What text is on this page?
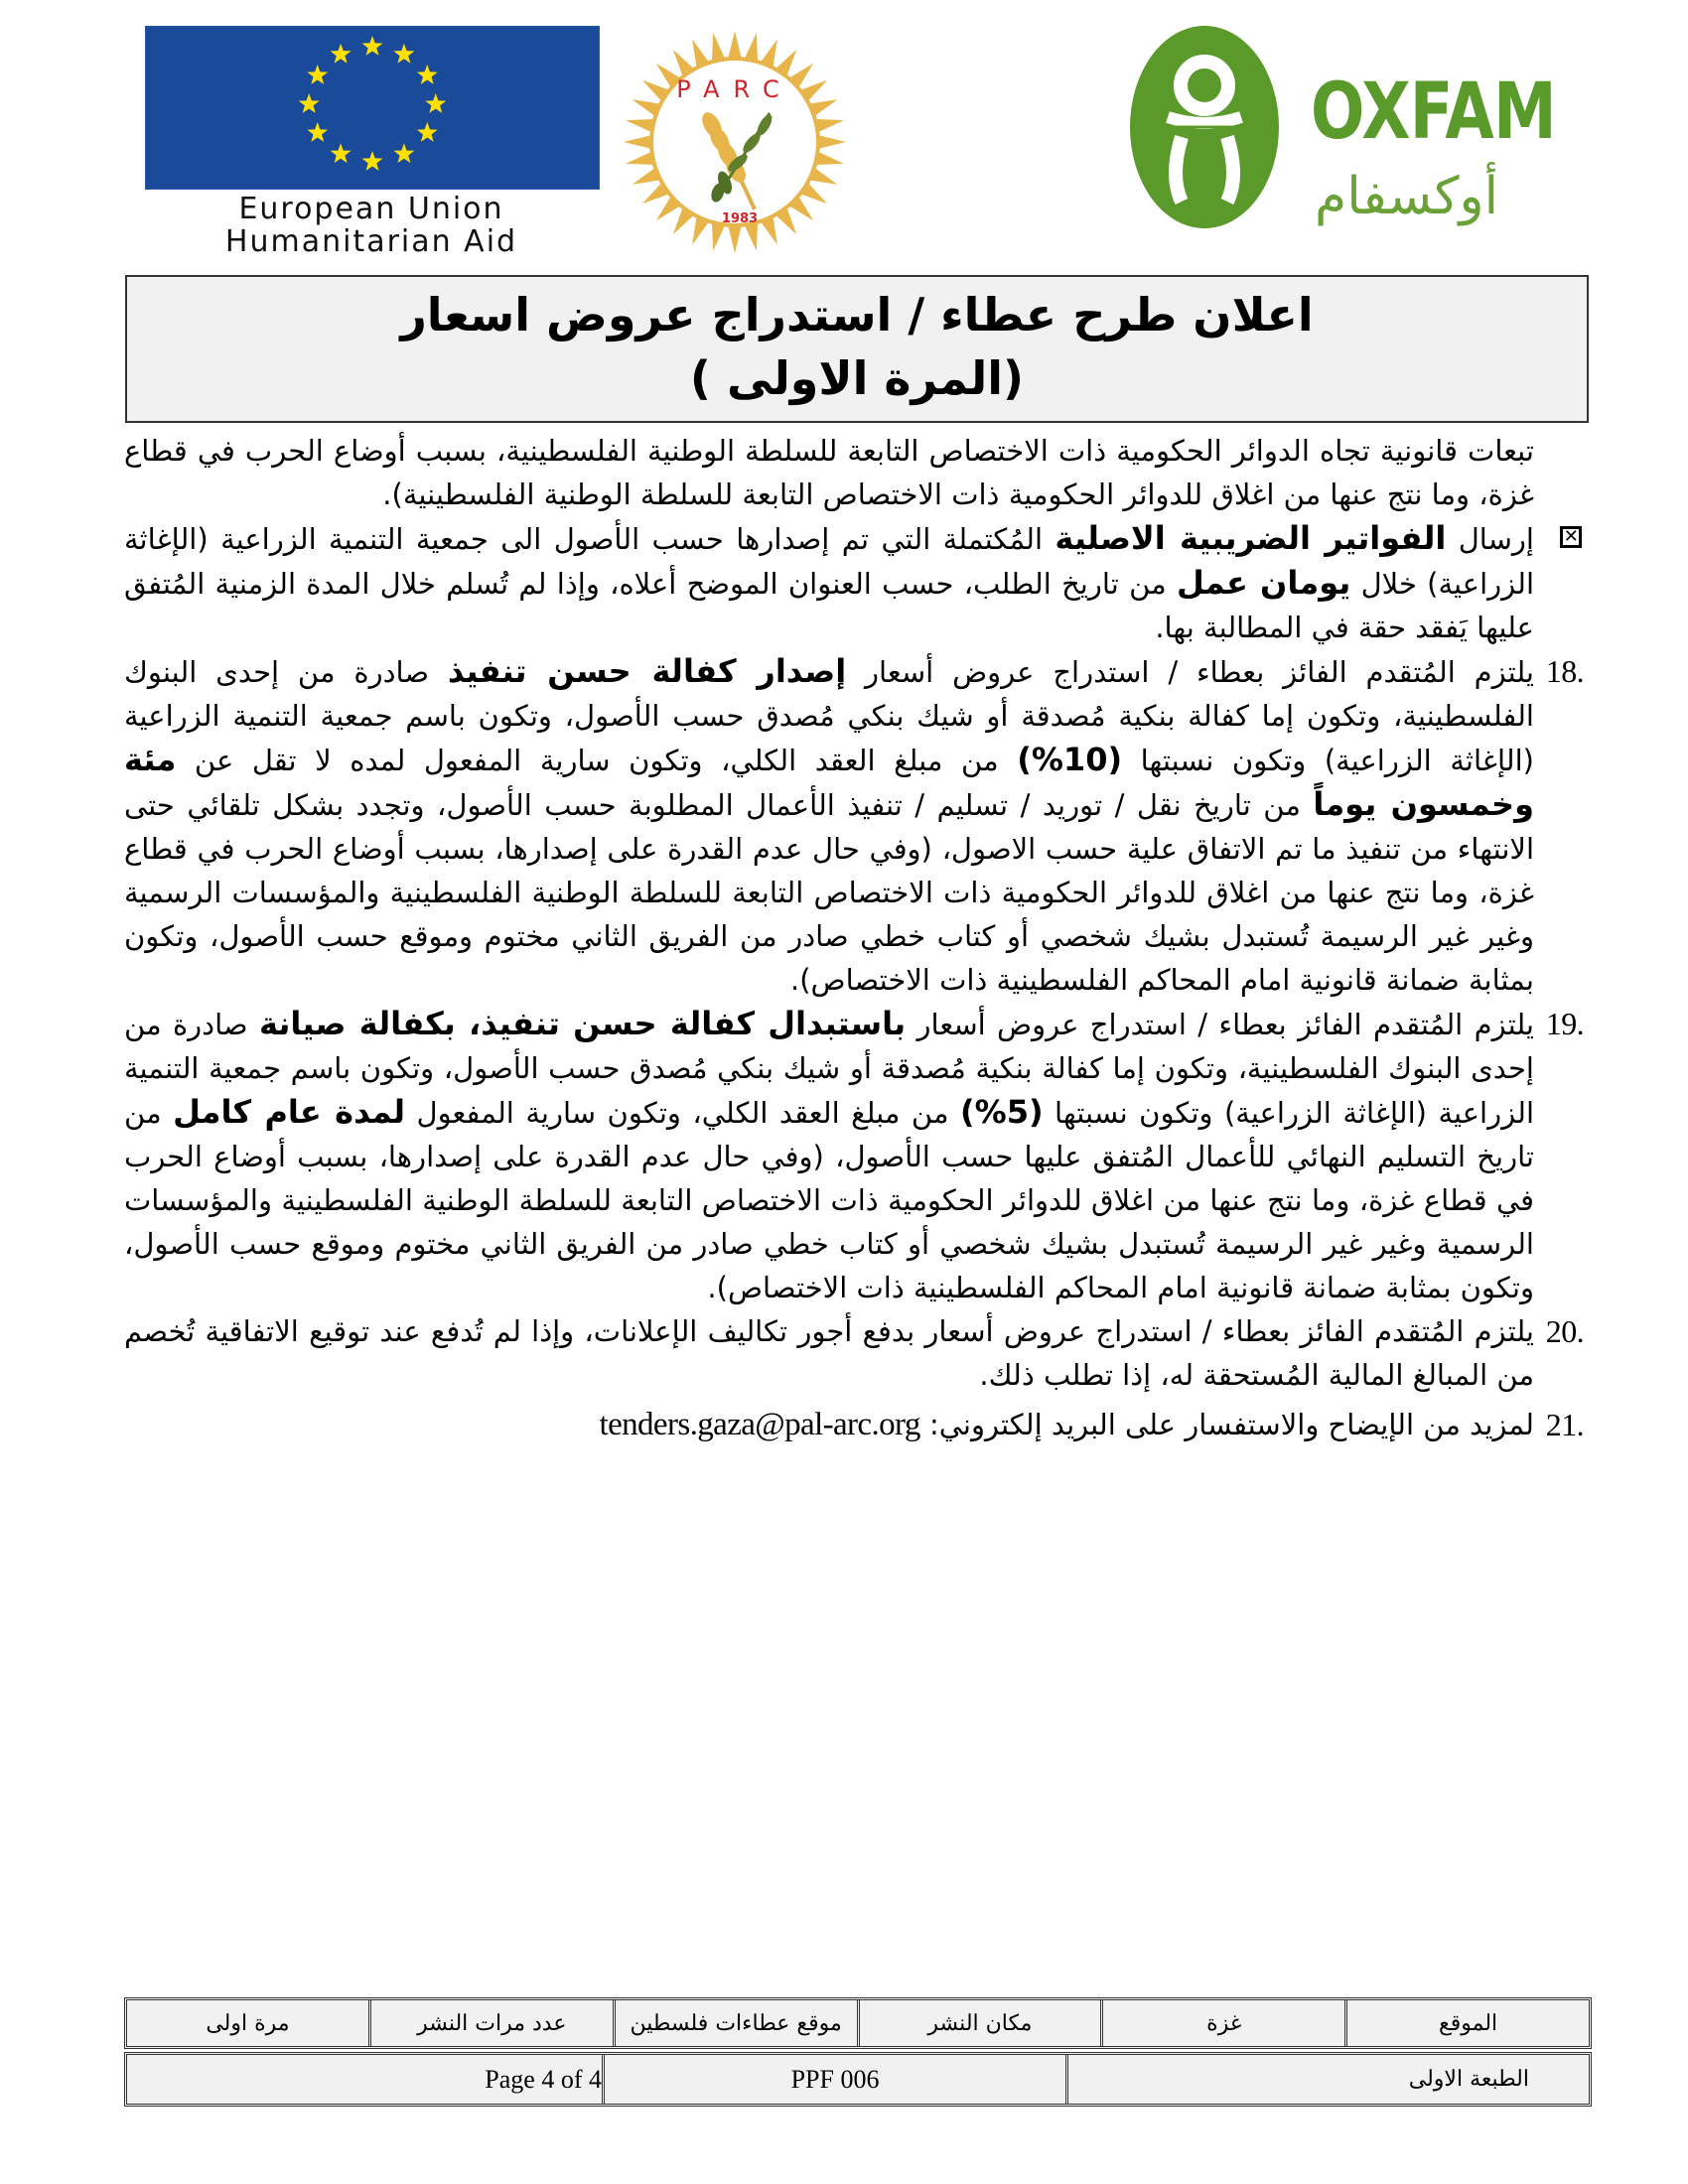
European Union
Humanitarian Aid
PARC
1983
OXFAM
أوكسفام
اعلان طرح عطاء / استدراج عروض اسعار
(المرة الاولى )

تبعات قانونية تجاه الدوائر الحكومية ذات الاختصاص التابعة للسلطة الوطنية الفلسطينية، بسبب أوضاع الحرب في قطاع غزة، وما نتج عنها من اغلاق للدوائر الحكومية ذات الاختصاص التابعة للسلطة الوطنية الفلسطينية).

✕
إرسال الفواتير الضريبية الاصلية المُكتملة التي تم إصدارها حسب الأصول الى جمعية التنمية الزراعية (الإغاثة الزراعية) خلال يومان عمل من تاريخ الطلب، حسب العنوان الموضح أعلاه، وإذا لم تُسلم خلال المدة الزمنية المُتفق عليها يَفقد حقة في المطالبة بها.

18.
يلتزم المُتقدم الفائز بعطاء / استدراج عروض أسعار إصدار كفالة حسن تنفيذ صادرة من إحدى البنوك الفلسطينية، وتكون إما كفالة بنكية مُصدقة أو شيك بنكي مُصدق حسب الأصول، وتكون باسم جمعية التنمية الزراعية (الإغاثة الزراعية) وتكون نسبتها (10%) من مبلغ العقد الكلي، وتكون سارية المفعول لمده لا تقل عن مئة وخمسون يوماً من تاريخ نقل / توريد / تسليم / تنفيذ الأعمال المطلوبة حسب الأصول، وتجدد بشكل تلقائي حتى الانتهاء من تنفيذ ما تم الاتفاق علية حسب الاصول، (وفي حال عدم القدرة على إصدارها، بسبب أوضاع الحرب في قطاع غزة، وما نتج عنها من اغلاق للدوائر الحكومية ذات الاختصاص التابعة للسلطة الوطنية الفلسطينية والمؤسسات الرسمية وغير غير الرسيمة تُستبدل بشيك شخصي أو كتاب خطي صادر من الفريق الثاني مختوم وموقع حسب الأصول، وتكون بمثابة ضمانة قانونية امام المحاكم الفلسطينية ذات الاختصاص).

19.
يلتزم المُتقدم الفائز بعطاء / استدراج عروض أسعار باستبدال كفالة حسن تنفيذ، بكفالة صيانة صادرة من إحدى البنوك الفلسطينية، وتكون إما كفالة بنكية مُصدقة أو شيك بنكي مُصدق حسب الأصول، وتكون باسم جمعية التنمية الزراعية (الإغاثة الزراعية) وتكون نسبتها (5%) من مبلغ العقد الكلي، وتكون سارية المفعول لمدة عام كامل من تاريخ التسليم النهائي للأعمال المُتفق عليها حسب الأصول، (وفي حال عدم القدرة على إصدارها، بسبب أوضاع الحرب في قطاع غزة، وما نتج عنها من اغلاق للدوائر الحكومية ذات الاختصاص التابعة للسلطة الوطنية الفلسطينية والمؤسسات الرسمية وغير غير الرسيمة تُستبدل بشيك شخصي أو كتاب خطي صادر من الفريق الثاني مختوم وموقع حسب الأصول، وتكون بمثابة ضمانة قانونية امام المحاكم الفلسطينية ذات الاختصاص).

20.
يلتزم المُتقدم الفائز بعطاء / استدراج عروض أسعار بدفع أجور تكاليف الإعلانات، وإذا لم تُدفع عند توقيع الاتفاقية تُخصم من المبالغ المالية المُستحقة له، إذا تطلب ذلك.

21.
لمزيد من الإيضاح والاستفسار على البريد إلكتروني: tenders.gaza@pal-arc.org

الموقع
غزة
مكان النشر
موقع عطاءات فلسطين
عدد مرات النشر
مرة اولى
الطبعة الاولى
PPF 006
Page 4 of 4
